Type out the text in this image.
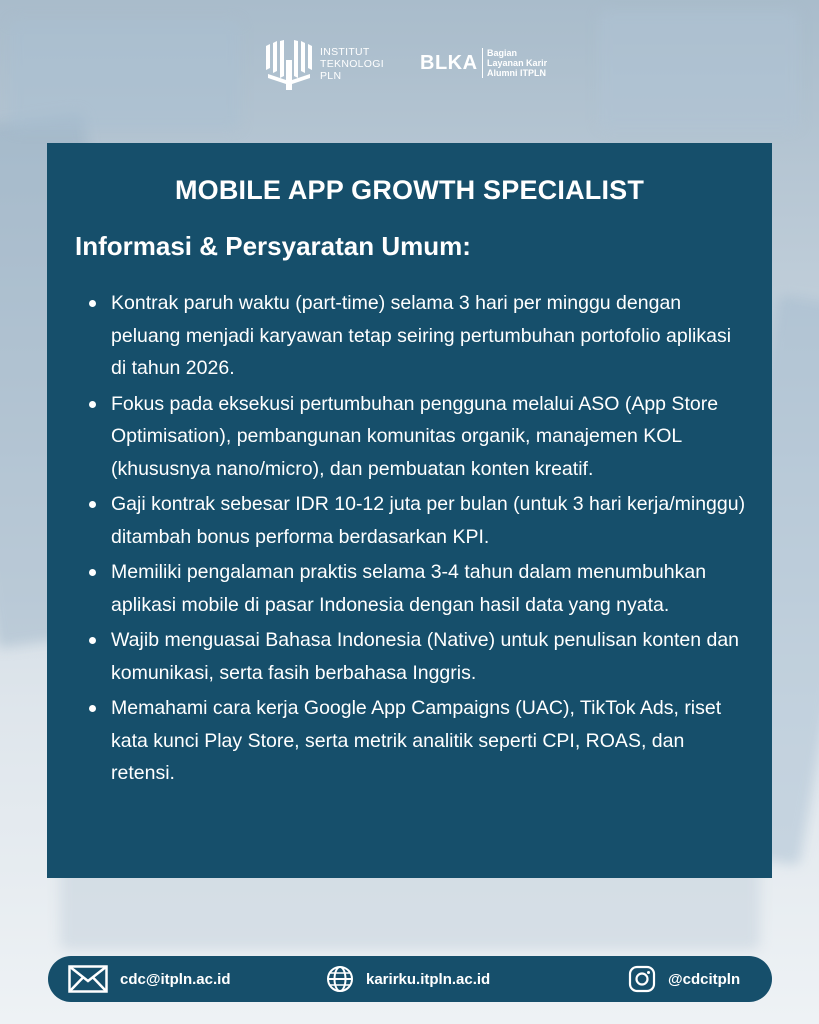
INSTITUT
TEKNOLOGI
PLN
BLKA Bagian
Layanan Karir
Alumni ITPLN
MOBILE APP GROWTH SPECIALIST
Informasi & Persyaratan Umum:
Kontrak paruh waktu (part-time) selama 3 hari per minggu dengan peluang menjadi karyawan tetap seiring pertumbuhan portofolio aplikasi di tahun 2026.
Fokus pada eksekusi pertumbuhan pengguna melalui ASO (App Store Optimisation), pembangunan komunitas organik, manajemen KOL (khususnya nano/micro), dan pembuatan konten kreatif.
Gaji kontrak sebesar IDR 10-12 juta per bulan (untuk 3 hari kerja/minggu) ditambah bonus performa berdasarkan KPI.
Memiliki pengalaman praktis selama 3-4 tahun dalam menumbuhkan aplikasi mobile di pasar Indonesia dengan hasil data yang nyata.
Wajib menguasai Bahasa Indonesia (Native) untuk penulisan konten dan komunikasi, serta fasih berbahasa Inggris.
Memahami cara kerja Google App Campaigns (UAC), TikTok Ads, riset kata kunci Play Store, serta metrik analitik seperti CPI, ROAS, dan retensi.
cdc@itpln.ac.id	karirku.itpln.ac.id	@cdcitpln
